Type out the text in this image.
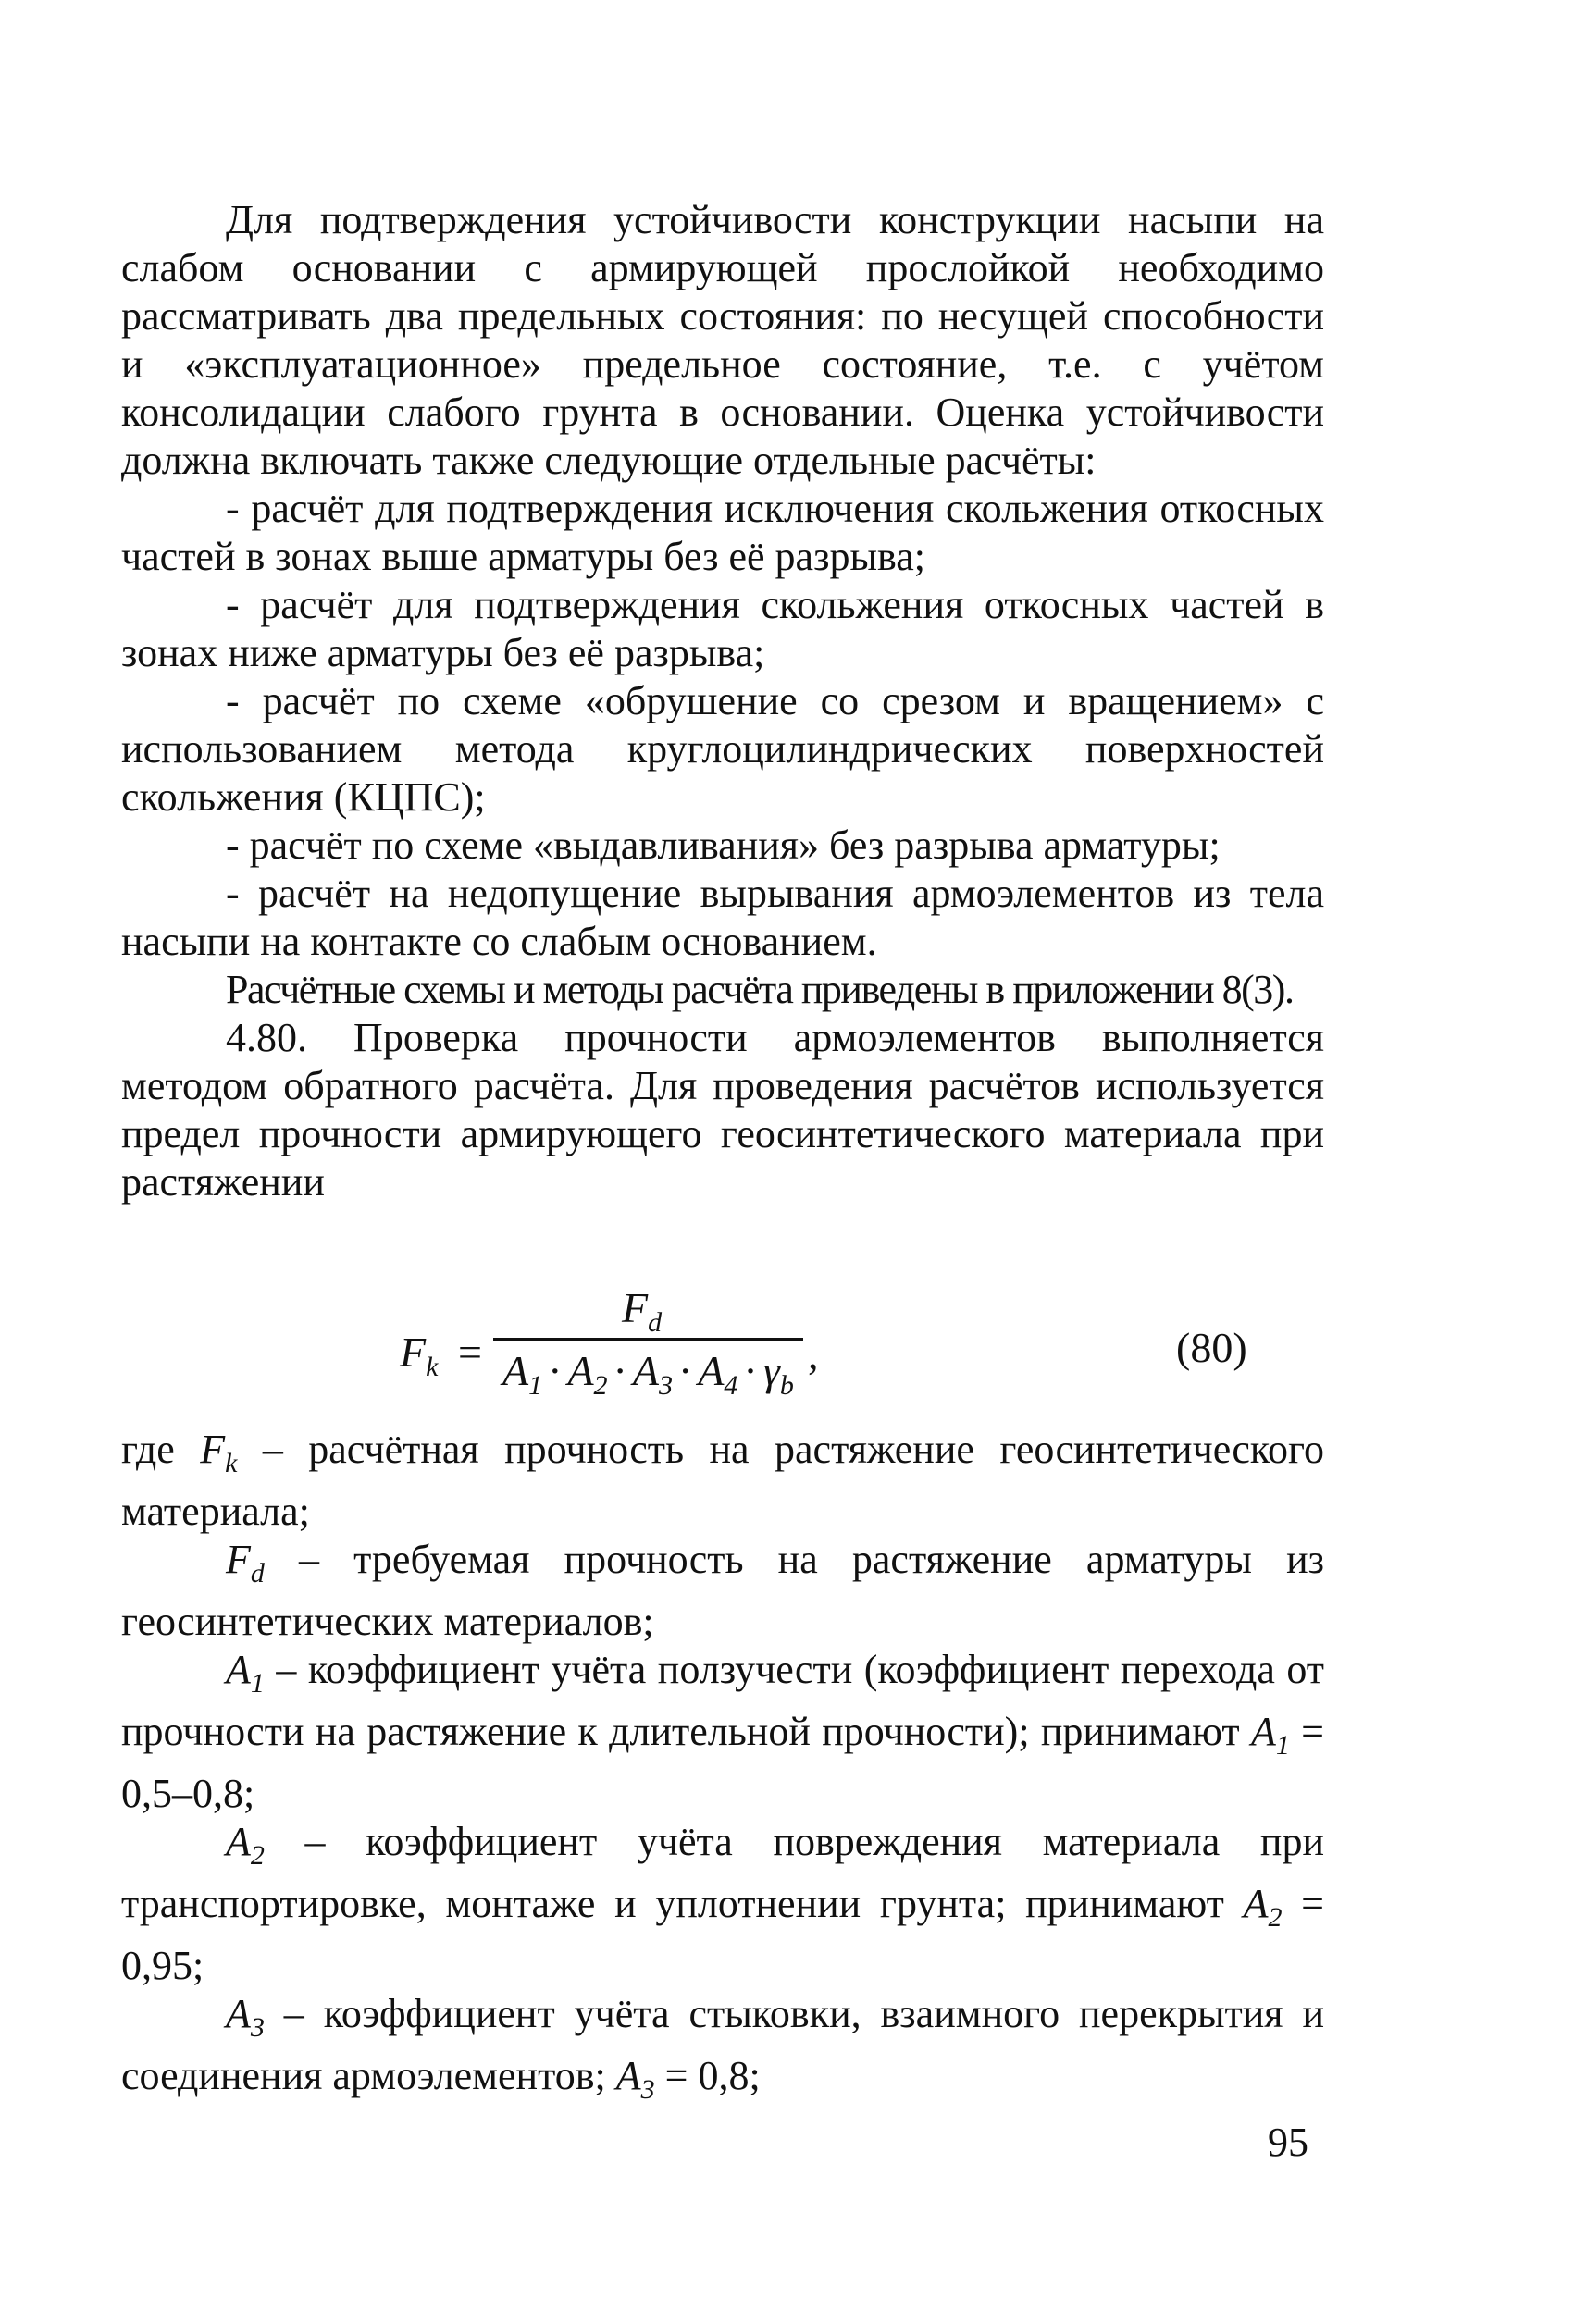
Для подтверждения устойчивости конструкции насыпи на слабом основании с армирующей прослойкой необходимо рассматривать два предельных состояния: по несущей способности и «эксплуатационное» предельное состояние, т.е. с учётом консолидации слабого грунта в основании. Оценка устойчивости должна включать также следующие отдельные расчёты:

- расчёт для подтверждения исключения скольжения откосных частей в зонах выше арматуры без её разрыва;

- расчёт для подтверждения скольжения откосных частей в зонах ниже арматуры без её разрыва;

- расчёт по схеме «обрушение со срезом и вращением» с использованием метода круглоцилиндрических поверхностей скольжения (КЦПС);

- расчёт по схеме «выдавливания» без разрыва арматуры;

- расчёт на недопущение вырывания армоэлементов из тела насыпи на контакте со слабым основанием.

Расчётные схемы и методы расчёта приведены в приложении 8(3).

4.80. Проверка прочности армоэлементов выполняется методом обратного расчёта. Для проведения расчётов используется предел прочности армирующего геосинтетического материала при растяжении

$F_k$ =
$F_d$
$A_1 \cdot A_2 \cdot A_3 \cdot A_4 \cdot \gamma_b$
,	(80)

где $F_k$ – расчётная прочность на растяжение геосинтетического материала;

$F_d$ – требуемая прочность на растяжение арматуры из геосинтетических материалов;

$A_1$ – коэффициент учёта ползучести (коэффициент перехода от прочности на растяжение к длительной прочности); принимают $A_1 = 0,5-0,8$;

$A_2$ – коэффициент учёта повреждения материала при транспортировке, монтаже и уплотнении грунта; принимают $A_2 = 0,95$;

$A_3$ – коэффициент учёта стыковки, взаимного перекрытия и соединения армоэлементов; $A_3 = 0,8$;

95
